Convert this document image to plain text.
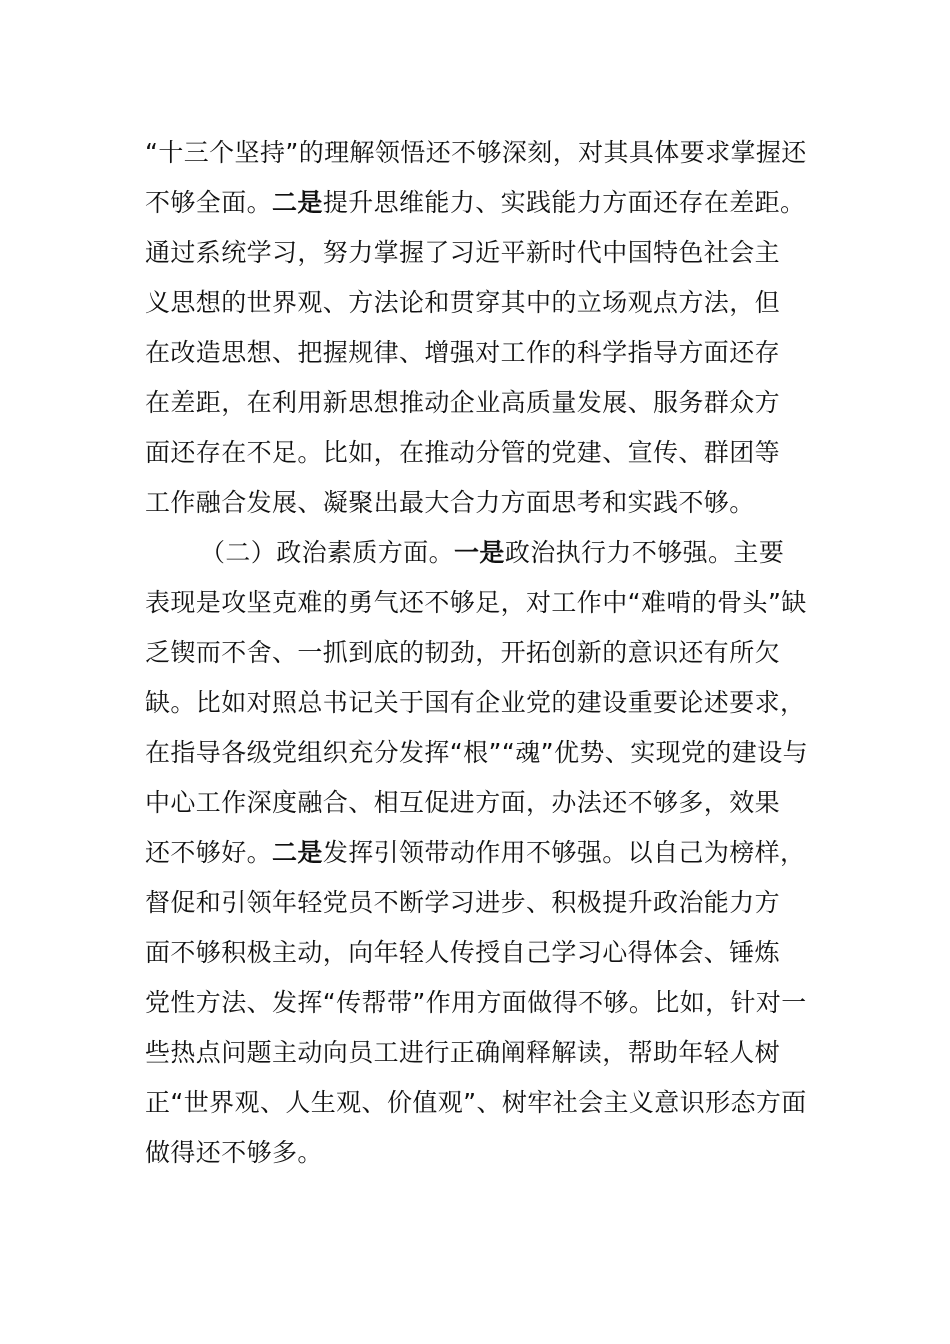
“十三个坚持”的理解领悟还不够深刻，对其具体要求掌握还
不够全面。二是提升思维能力、实践能力方面还存在差距。
通过系统学习，努力掌握了习近平新时代中国特色社会主
义思想的世界观、方法论和贯穿其中的立场观点方法，但
在改造思想、把握规律、增强对工作的科学指导方面还存
在差距，在利用新思想推动企业高质量发展、服务群众方
面还存在不足。比如，在推动分管的党建、宣传、群团等
工作融合发展、凝聚出最大合力方面思考和实践不够。
（二）政治素质方面。一是政治执行力不够强。主要
表现是攻坚克难的勇气还不够足，对工作中“难啃的骨头”缺
乏锲而不舍、一抓到底的韧劲，开拓创新的意识还有所欠
缺。比如对照总书记关于国有企业党的建设重要论述要求，
在指导各级党组织充分发挥“根”“魂”优势、实现党的建设与
中心工作深度融合、相互促进方面，办法还不够多，效果
还不够好。二是发挥引领带动作用不够强。以自己为榜样，
督促和引领年轻党员不断学习进步、积极提升政治能力方
面不够积极主动，向年轻人传授自己学习心得体会、锤炼
党性方法、发挥“传帮带”作用方面做得不够。比如，针对一
些热点问题主动向员工进行正确阐释解读，帮助年轻人树
正“世界观、人生观、价值观”、树牢社会主义意识形态方面
做得还不够多。
